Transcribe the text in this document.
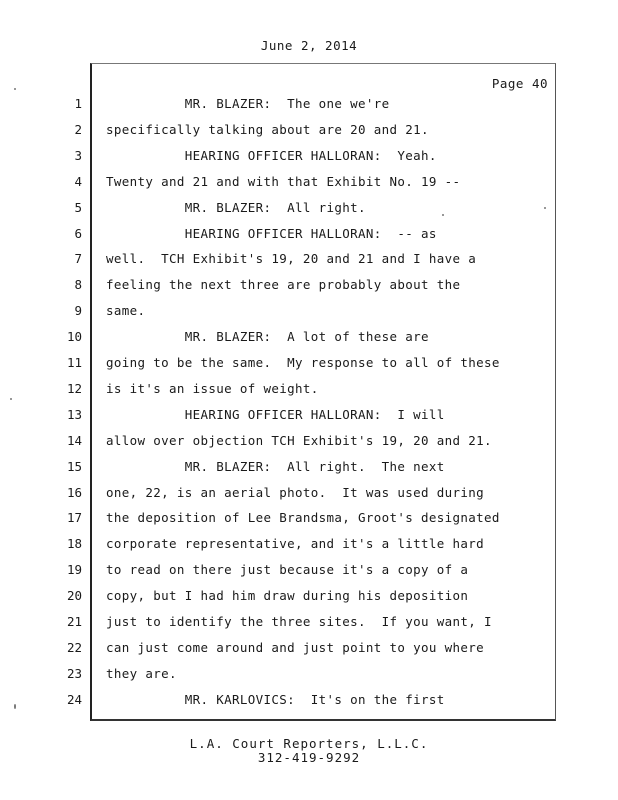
June 2, 2014
Page 40
1 MR. BLAZER:  The one we're
2 specifically talking about are 20 and 21.
3 HEARING OFFICER HALLORAN:  Yeah.
4 Twenty and 21 and with that Exhibit No. 19 --
5 MR. BLAZER:  All right.
6 HEARING OFFICER HALLORAN:  -- as
7 well.  TCH Exhibit's 19, 20 and 21 and I have a
8 feeling the next three are probably about the
9 same.
10 MR. BLAZER:  A lot of these are
11 going to be the same.  My response to all of these
12 is it's an issue of weight.
13 HEARING OFFICER HALLORAN:  I will
14 allow over objection TCH Exhibit's 19, 20 and 21.
15 MR. BLAZER:  All right.  The next
16 one, 22, is an aerial photo.  It was used during
17 the deposition of Lee Brandsma, Groot's designated
18 corporate representative, and it's a little hard
19 to read on there just because it's a copy of a
20 copy, but I had him draw during his deposition
21 just to identify the three sites.  If you want, I
22 can just come around and just point to you where
23 they are.
24 MR. KARLOVICS:  It's on the first
L.A. Court Reporters, L.L.C.
312-419-9292
